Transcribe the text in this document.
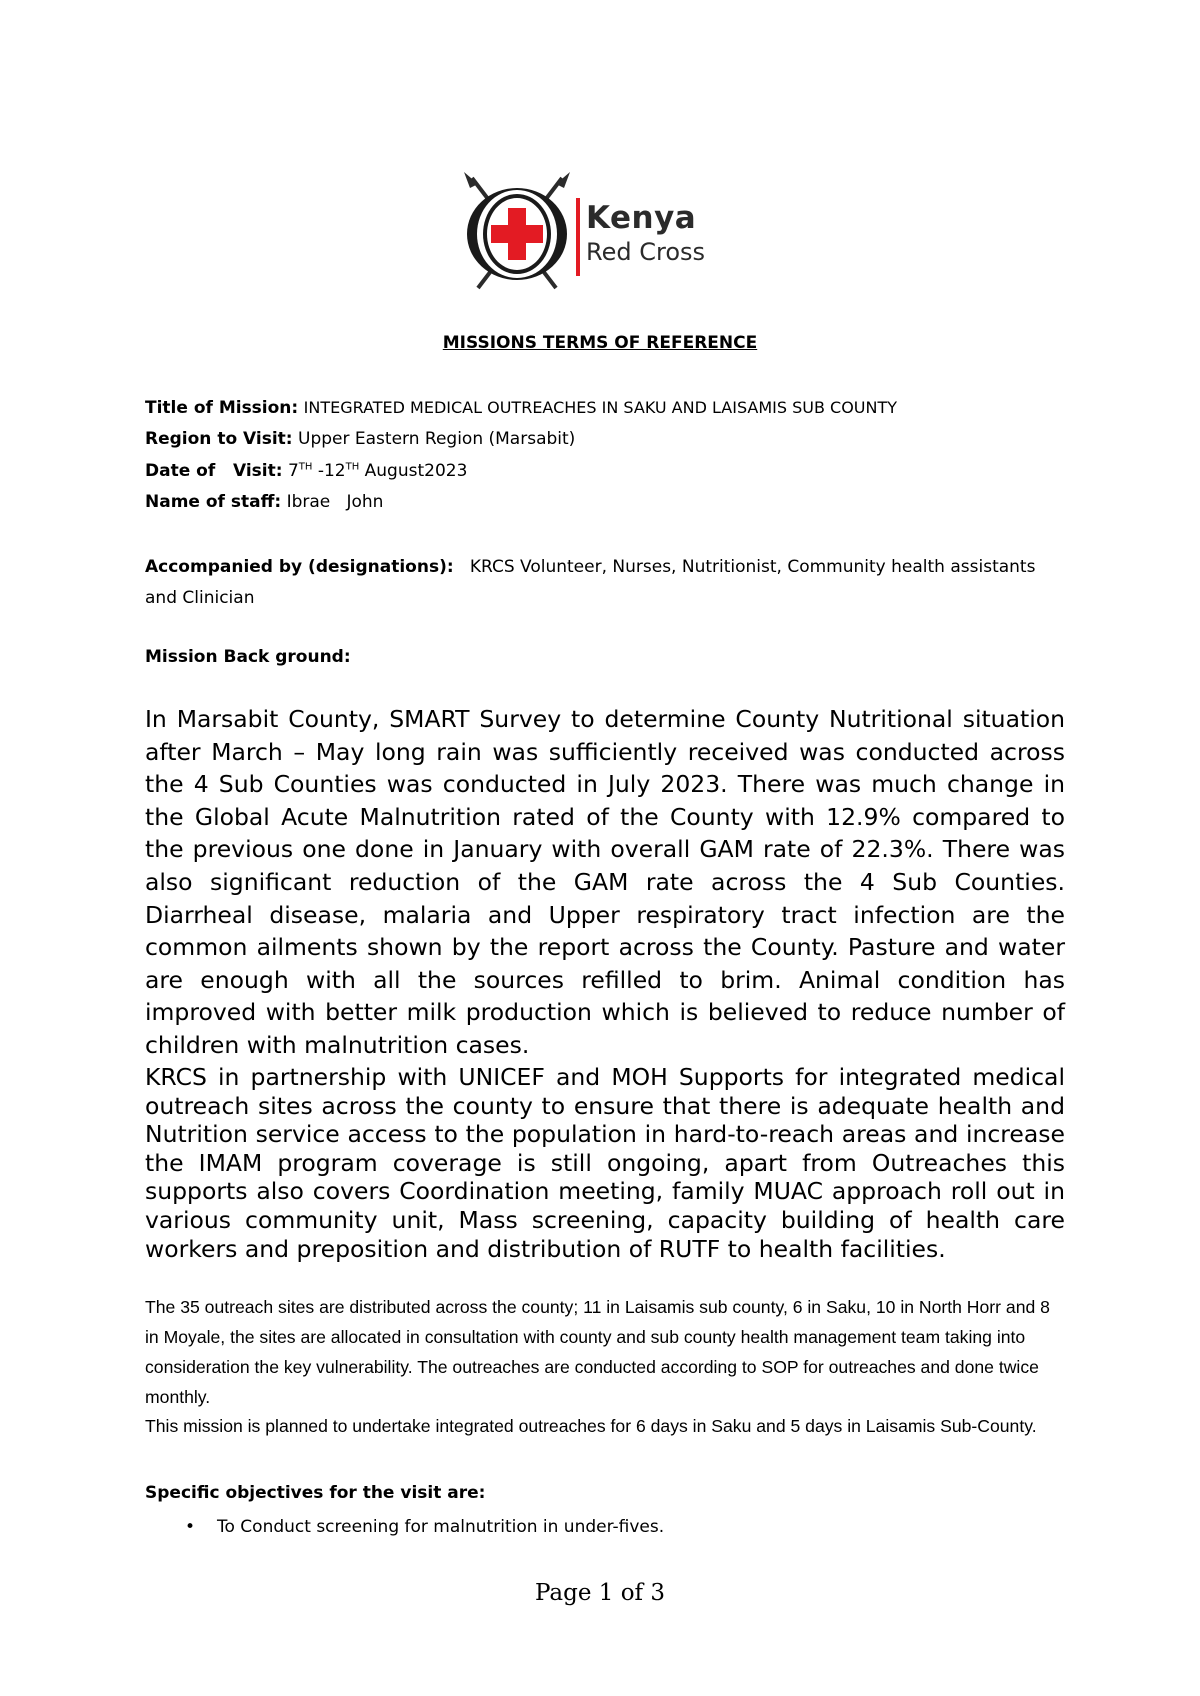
Kenya
Red Cross
MISSIONS TERMS OF REFERENCE
Title of Mission: INTEGRATED MEDICAL OUTREACHES IN SAKU AND LAISAMIS SUB COUNTY
Region to Visit: Upper Eastern Region (Marsabit)
Date of   Visit: 7TH -12TH August2023
Name of staff: Ibrae   John
Accompanied by (designations): KRCS Volunteer, Nurses, Nutritionist, Community health assistants and Clinician
Mission Back ground:

In Marsabit County, SMART Survey to determine County Nutritional situation after March – May long rain was sufficiently received was conducted across the 4 Sub Counties was conducted in July 2023. There was much change in the Global Acute Malnutrition rated of the County with 12.9% compared to the previous one done in January with overall GAM rate of 22.3%. There was also significant reduction of the GAM rate across the 4 Sub Counties. Diarrheal disease, malaria and Upper respiratory tract infection are the common ailments shown by the report across the County. Pasture and water are enough with all the sources refilled to brim. Animal condition has improved with better milk production which is believed to reduce number of children with malnutrition cases.

KRCS in partnership with UNICEF and MOH Supports for integrated medical outreach sites across the county to ensure that there is adequate health and Nutrition service access to the population in hard-to-reach areas and increase the IMAM program coverage is still ongoing, apart from Outreaches this supports also covers Coordination meeting, family MUAC approach roll out in various community unit, Mass screening, capacity building of health care workers and preposition and distribution of RUTF to health facilities.

The 35 outreach sites are distributed across the county; 11 in Laisamis sub county, 6 in Saku, 10 in North Horr and 8 in Moyale, the sites are allocated in consultation with county and sub county health management team taking into consideration the key vulnerability. The outreaches are conducted according to SOP for outreaches and done twice monthly.

This mission is planned to undertake integrated outreaches for 6 days in Saku and 5 days in Laisamis Sub-County.

Specific objectives for the visit are:
• To Conduct screening for malnutrition in under-fives.
Page 1 of 3
